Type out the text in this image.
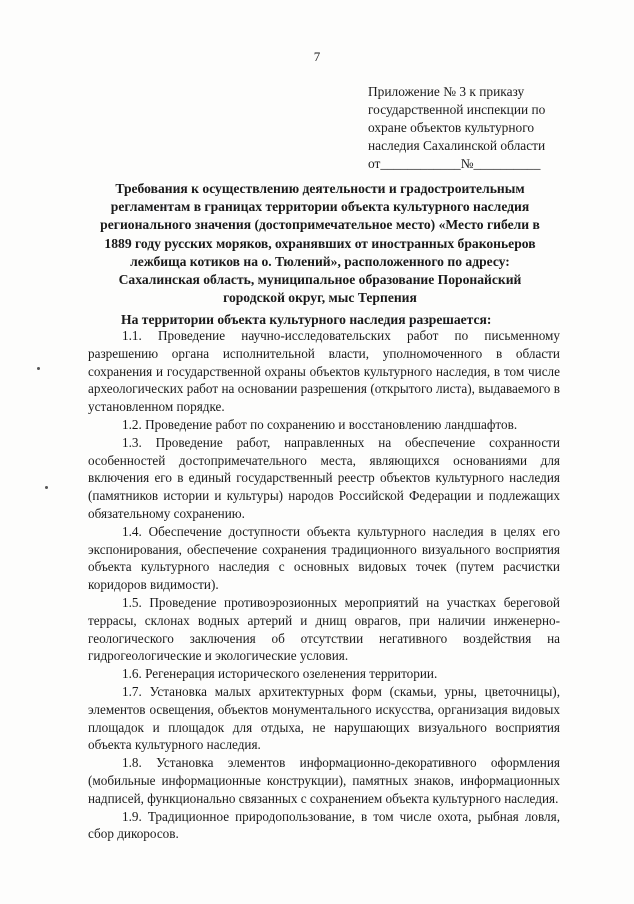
7
Приложение № 3 к приказу
государственной инспекции по
охране объектов культурного
наследия Сахалинской области
от____________№__________
Требования к осуществлению деятельности и градостроительным
регламентам в границах территории объекта культурного наследия
регионального значения (достопримечательное место) «Место гибели в
1889 году русских моряков, охранявших от иностранных браконьеров
лежбища котиков на о. Тюлений», расположенного по адресу:
Сахалинская область, муниципальное образование Поронайский
городской округ, мыс Терпения
На территории объекта культурного наследия разрешается:

1.1. Проведение научно-исследовательских работ по письменному разрешению органа исполнительной власти, уполномоченного в области сохранения и государственной охраны объектов культурного наследия, в том числе археологических работ на основании разрешения (открытого листа), выдаваемого в установленном порядке.

1.2. Проведение работ по сохранению и восстановлению ландшафтов.

1.3. Проведение работ, направленных на обеспечение сохранности особенностей достопримечательного места, являющихся основаниями для включения его в единый государственный реестр объектов культурного наследия (памятников истории и культуры) народов Российской Федерации и подлежащих обязательному сохранению.

1.4. Обеспечение доступности объекта культурного наследия в целях его экспонирования, обеспечение сохранения традиционного визуального восприятия объекта культурного наследия с основных видовых точек (путем расчистки коридоров видимости).

1.5. Проведение противоэрозионных мероприятий на участках береговой террасы, склонах водных артерий и днищ оврагов, при наличии инженерно-геологического заключения об отсутствии негативного воздействия на гидрогеологические и экологические условия.

1.6. Регенерация исторического озеленения территории.

1.7. Установка малых архитектурных форм (скамьи, урны, цветочницы), элементов освещения, объектов монументального искусства, организация видовых площадок и площадок для отдыха, не нарушающих визуального восприятия объекта культурного наследия.

1.8. Установка элементов информационно-декоративного оформления (мобильные информационные конструкции), памятных знаков, информационных надписей, функционально связанных с сохранением объекта культурного наследия.

1.9. Традиционное природопользование, в том числе охота, рыбная ловля, сбор дикоросов.
